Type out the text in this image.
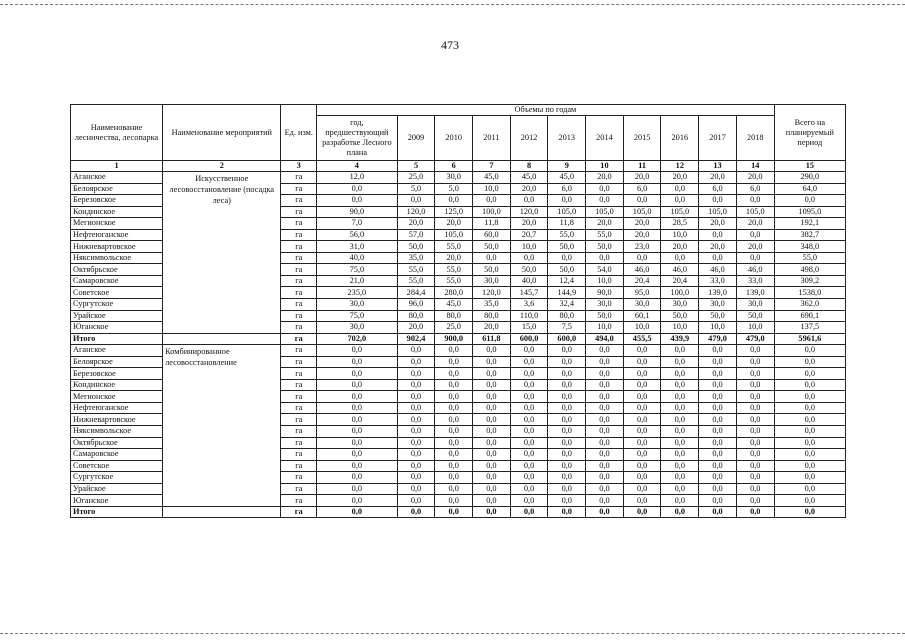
473
Наименование лесничества, лесопарка	Наименование мероприятий	Ед. изм.	Объемы по годам											Всего на планируемый период
			год, предшествующий разработке Лесного плана	2009	2010	2011	2012	2013	2014	2015	2016	2017	2018	
1	2	3	4	5	6	7	8	9	10	11	12	13	14	15
Аганское	Искусственное лесовосстановление (посадка леса)	га	12,0	25,0	30,0	45,0	45,0	45,0	20,0	20,0	20,0	20,0	20,0	290,0
Белоярское		га	0,0	5,0	5,0	10,0	20,0	6,0	0,0	6,0	0,0	6,0	6,0	64,0
Березовское		га	0,0	0,0	0,0	0,0	0,0	0,0	0,0	0,0	0,0	0,0	0,0	0,0
Кондинское		га	90,0	120,0	125,0	100,0	120,0	105,0	105,0	105,0	105,0	105,0	105,0	1095,0
Мегионское		га	7,0	20,0	20,0	11,8	20,0	11,8	20,0	20,0	28,5	20,0	20,0	192,1
Нефтеюганское		га	56,0	57,0	105,0	60,0	20,7	55,0	55,0	20,0	10,0	0,0	0,0	382,7
Нижневартовское		га	31,0	50,0	55,0	50,0	10,0	50,0	50,0	23,0	20,0	20,0	20,0	348,0
Няксимвольское		га	40,0	35,0	20,0	0,0	0,0	0,0	0,0	0,0	0,0	0,0	0,0	55,0
Октябрьское		га	75,0	55,0	55,0	50,0	50,0	50,0	54,0	46,0	46,0	46,0	46,0	498,0
Самаровское		га	21,0	55,0	55,0	30,0	40,0	12,4	10,0	20,4	20,4	33,0	33,0	309,2
Советское		га	235,0	284,4	280,0	120,0	145,7	144,9	90,0	95,0	100,0	139,0	139,0	1538,0
Сургутское		га	30,0	96,0	45,0	35,0	3,6	32,4	30,0	30,0	30,0	30,0	30,0	362,0
Урайское		га	75,0	80,0	80,0	80,0	110,0	80,0	50,0	60,1	50,0	50,0	50,0	690,1
Юганское		га	30,0	20,0	25,0	20,0	15,0	7,5	10,0	10,0	10,0	10,0	10,0	137,5
Итого		га	702,0	902,4	900,0	611,8	600,0	600,0	494,0	455,5	439,9	479,0	479,0	5961,6
Аганское	Комбинированное лесовосстановление	га	0,0	0,0	0,0	0,0	0,0	0,0	0,0	0,0	0,0	0,0	0,0	0,0
Белоярское		га	0,0	0,0	0,0	0,0	0,0	0,0	0,0	0,0	0,0	0,0	0,0	0,0
Березовское		га	0,0	0,0	0,0	0,0	0,0	0,0	0,0	0,0	0,0	0,0	0,0	0,0
Кондинское		га	0,0	0,0	0,0	0,0	0,0	0,0	0,0	0,0	0,0	0,0	0,0	0,0
Мегионское		га	0,0	0,0	0,0	0,0	0,0	0,0	0,0	0,0	0,0	0,0	0,0	0,0
Нефтеюганское		га	0,0	0,0	0,0	0,0	0,0	0,0	0,0	0,0	0,0	0,0	0,0	0,0
Нижневартовское		га	0,0	0,0	0,0	0,0	0,0	0,0	0,0	0,0	0,0	0,0	0,0	0,0
Няксимвольское		га	0,0	0,0	0,0	0,0	0,0	0,0	0,0	0,0	0,0	0,0	0,0	0,0
Октябрьское		га	0,0	0,0	0,0	0,0	0,0	0,0	0,0	0,0	0,0	0,0	0,0	0,0
Самаровское		га	0,0	0,0	0,0	0,0	0,0	0,0	0,0	0,0	0,0	0,0	0,0	0,0
Советское		га	0,0	0,0	0,0	0,0	0,0	0,0	0,0	0,0	0,0	0,0	0,0	0,0
Сургутское		га	0,0	0,0	0,0	0,0	0,0	0,0	0,0	0,0	0,0	0,0	0,0	0,0
Урайское		га	0,0	0,0	0,0	0,0	0,0	0,0	0,0	0,0	0,0	0,0	0,0	0,0
Юганское		га	0,0	0,0	0,0	0,0	0,0	0,0	0,0	0,0	0,0	0,0	0,0	0,0
Итого		га	0,0	0,0	0,0	0,0	0,0	0,0	0,0	0,0	0,0	0,0	0,0	0,0
